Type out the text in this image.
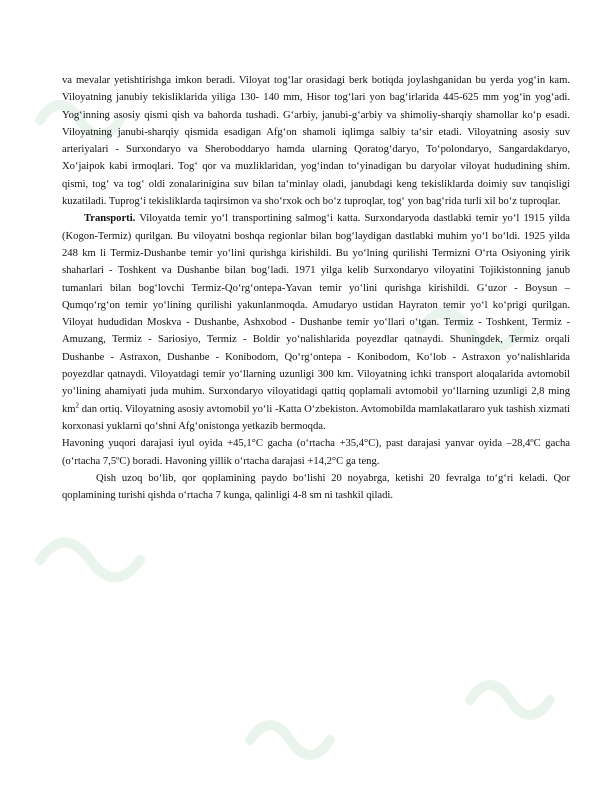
va mevalar yetishtirishga imkon beradi. Viloyat tog‘lar orasidagi berk botiqda joylashganidan bu yerda yog‘in kam. Viloyatning janubiy tekisliklarida yiliga 130- 140 mm, Hisor tog‘lari yon bag‘irlarida 445-625 mm yog‘in yog‘adi. Yog‘inning asosiy qismi qish va bahorda tushadi. G‘arbiy, janubi-g‘arbiy va shimoliy-sharqiy shamollar ko‘p esadi. Viloyatning janubi-sharqiy qismida esadigan Afg‘on shamoli iqlimga salbiy ta‘sir etadi. Viloyatning asosiy suv arteriyalari - Surxondaryo va Sheroboddaryo hamda ularning Qoratog‘daryo, To‘polondaryo, Sangardakdaryo, Xo‘jaipok kabi irmoqlari. Tog‘ qor va muzliklaridan, yog‘indan to‘yinadigan bu daryolar viloyat hududining shim. qismi, tog‘ va tog‘ oldi zonalarinigina suv bilan ta‘minlay oladi, janubdagi keng tekisliklarda doimiy suv tanqisligi kuzatiladi. Tuprog‘i tekisliklarda taqirsimon va sho‘rxok och bo‘z tuproqlar, tog‘ yon bag‘rida turli xil bo‘z tuproqlar.

Transporti. Viloyatda temir yo‘l transportining salmog‘i katta. Surxondaryoda dastlabki temir yo‘l 1915 yilda (Kogon-Termiz) qurilgan. Bu viloyatni boshqa regionlar bilan bog‘laydigan dastlabki muhim yo‘l bo‘ldi. 1925 yilda 248 km li Termiz-Dushanbe temir yo‘lini qurishga kirishildi. Bu yo‘lning qurilishi Termizni O‘rta Osiyoning yirik shaharlari - Toshkent va Dushanbe bilan bog‘ladi. 1971 yilga kelib Surxondaryo viloyatini Tojikistonning janub tumanlari bilan bog‘lovchi Termiz-Qo‘rg‘ontepa-Yavan temir yo‘lini qurishga kirishildi. G‘uzor - Boysun – Qumqo‘rg‘on temir yo‘lining qurilishi yakunlanmoqda. Amudaryo ustidan Hayraton temir yo‘l ko‘prigi qurilgan. Viloyat hududidan Moskva - Dushanbe, Ashxobod - Dushanbe temir yo‘llari o‘tgan. Termiz - Toshkent, Termiz - Amuzang, Termiz - Sariosiyo, Termiz - Boldir yo‘nalishlarida poyezdlar qatnaydi. Shuningdek, Termiz orqali Dushanbe - Astraxon, Dushanbe - Konibodom, Qo‘rg‘ontepa - Konibodom, Ko‘lob - Astraxon yo‘nalishlarida poyezdlar qatnaydi. Viloyatdagi temir yo‘llarning uzunligi 300 km. Viloyatning ichki transport aloqalarida avtomobil yo‘lining ahamiyati juda muhim. Surxondaryo viloyatidagi qattiq qoplamali avtomobil yo‘llarning uzunligi 2,8 ming $km^2$ dan ortiq. Viloyatning asosiy avtomobil yo‘li -Katta O‘zbekiston. Avtomobilda mamlakatlararo yuk tashish xizmati korxonasi yuklarni qo‘shni Afg‘onistonga yetkazib bermoqda.

Havoning yuqori darajasi iyul oyida +45,1°C gacha (o‘rtacha +35,4°C), past darajasi yanvar oyida –28,4ºC gacha (o‘rtacha 7,5ºC) boradi. Havoning yillik o‘rtacha darajasi +14,2°C ga teng.

Qish uzoq bo‘lib, qor qoplamining paydo bo‘lishi 20 noyabrga, ketishi 20 fevralga to‘g‘ri keladi. Qor qoplamining turishi qishda o‘rtacha 7 kunga, qalinligi 4-8 sm ni tashkil qiladi.
